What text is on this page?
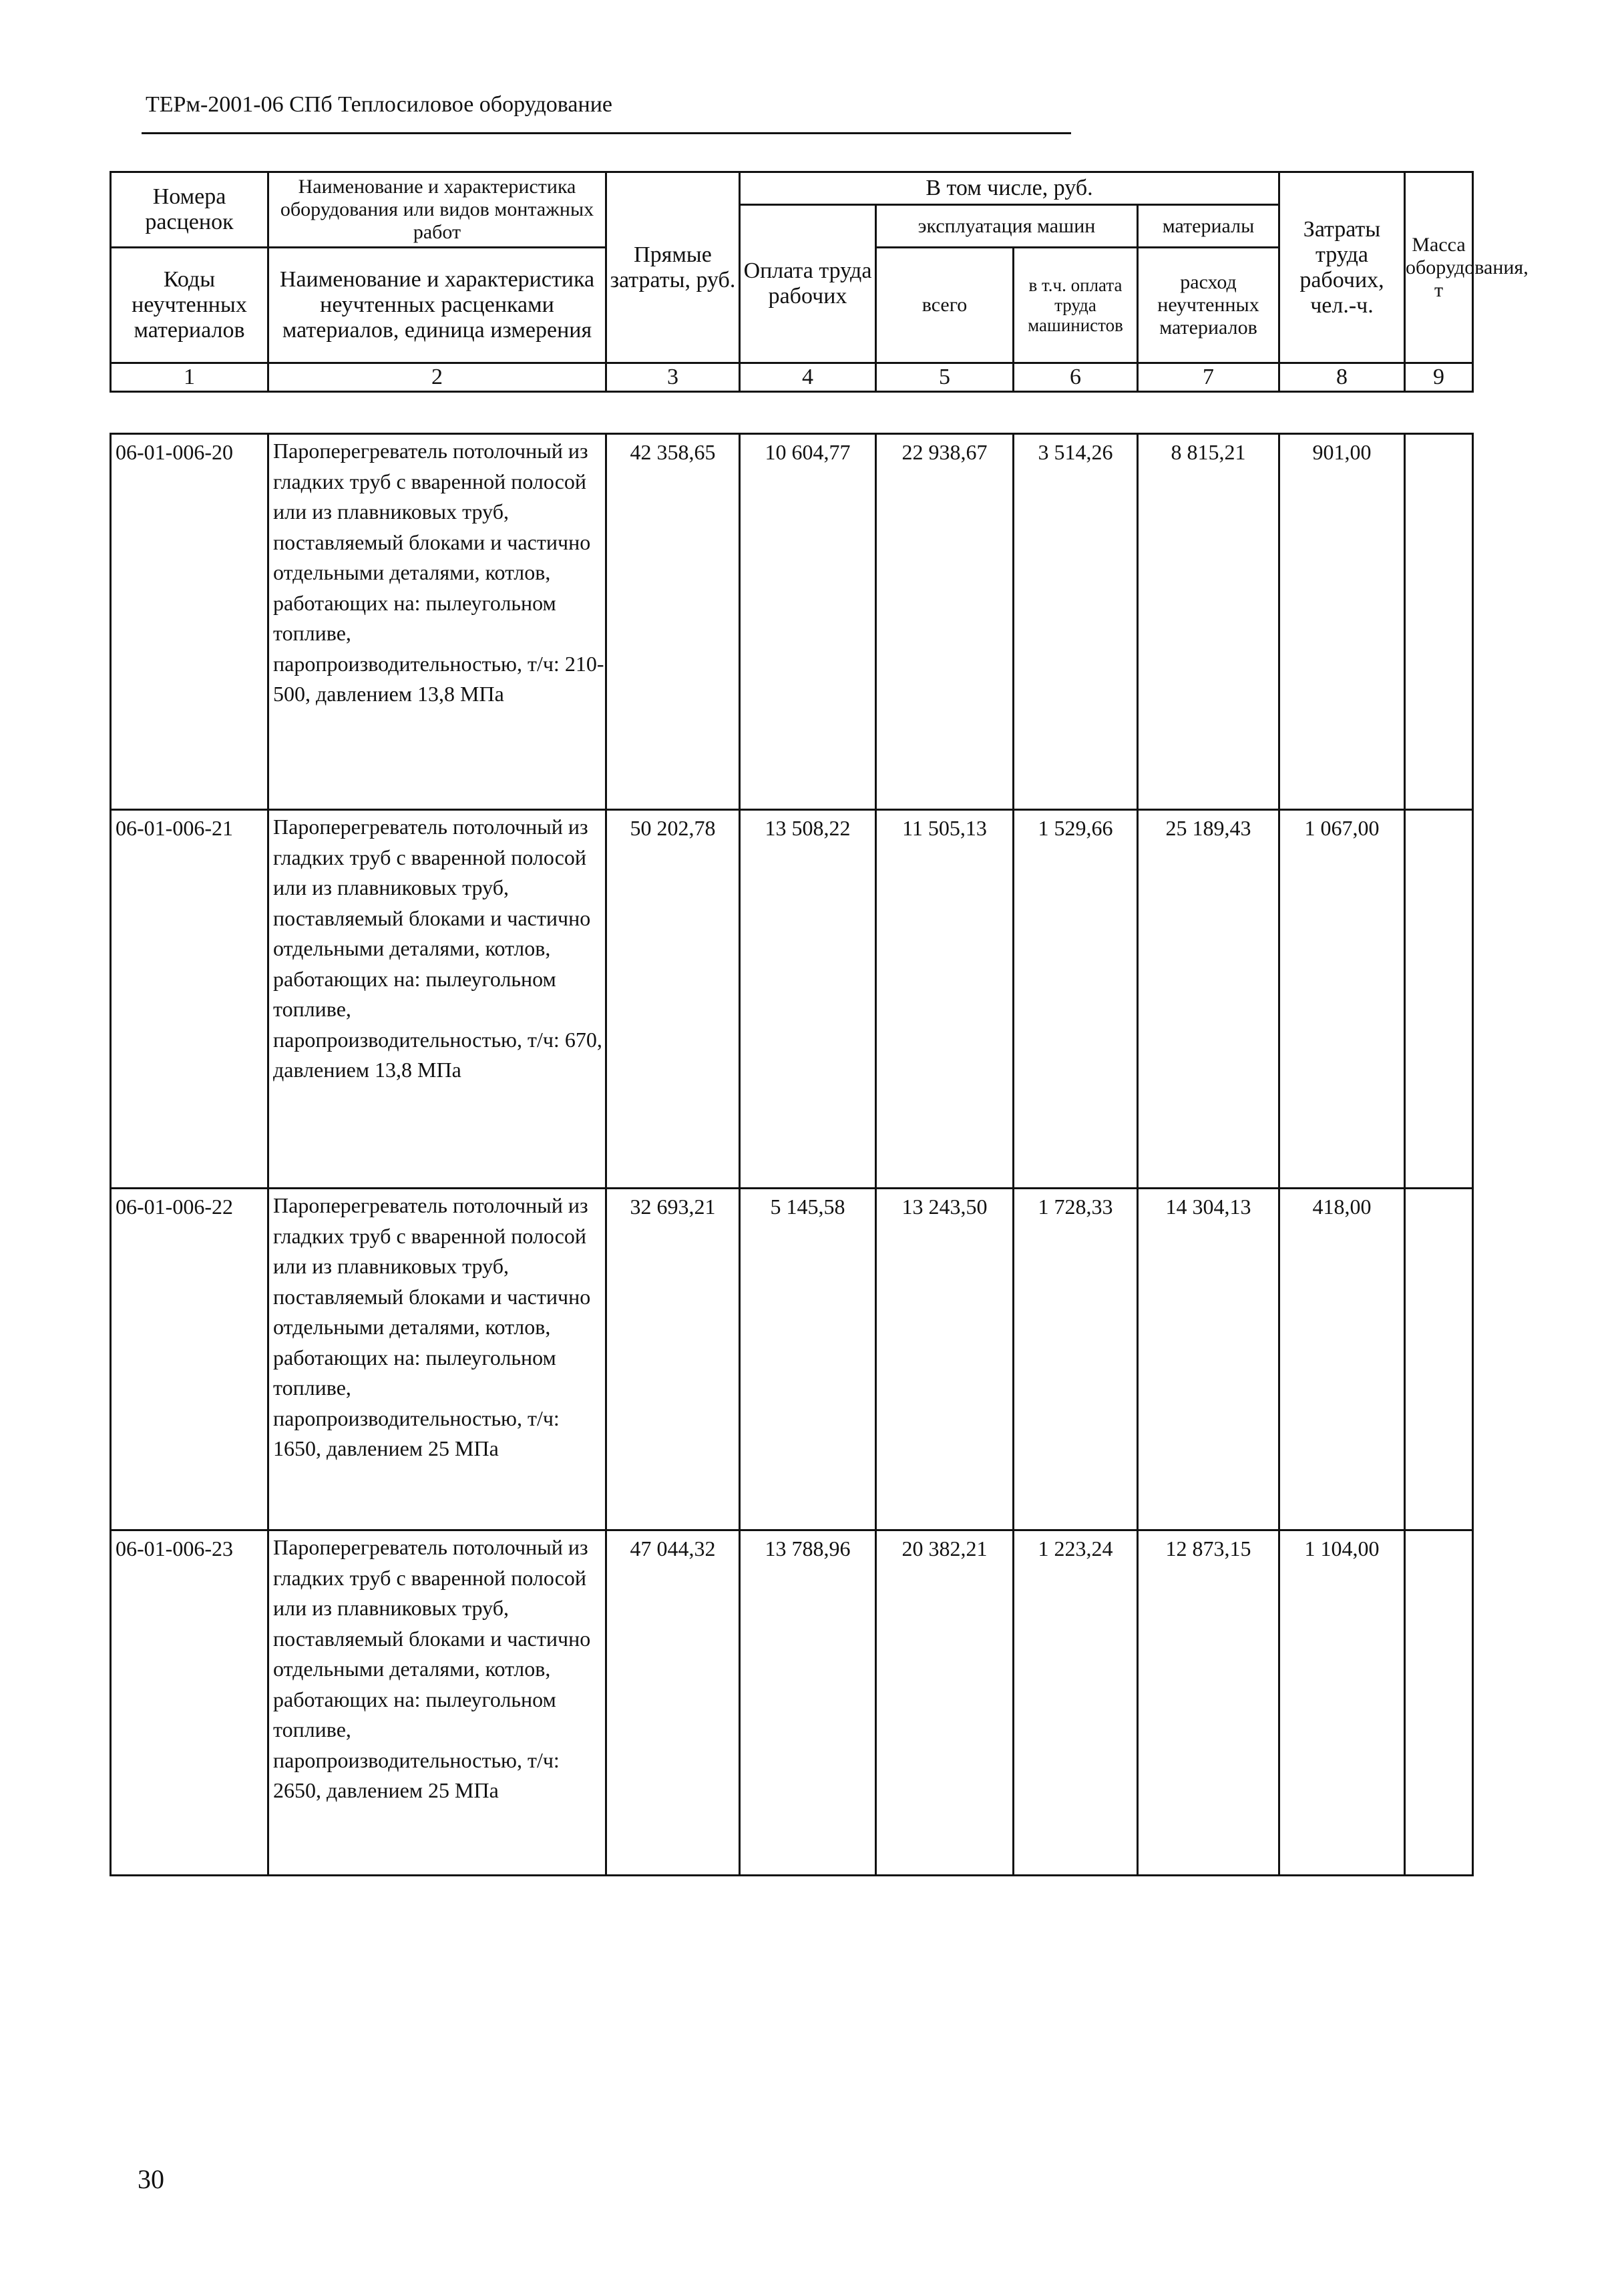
ТЕРм-2001-06 СПб Теплосиловое оборудование
Номера расценок	Наименование и характеристика оборудования или видов монтажных работ	Прямые затраты, руб.	В том числе, руб.				Затраты труда рабочих, чел.-ч.	Масса оборудования, т
			Оплата труда рабочих	эксплуатация машин		материалы		
Коды неучтенных материалов	Наименование и характеристика неучтенных расценками материалов, единица измерения			всего	в т.ч. оплата труда машинистов	расход неучтенных материалов		

1	2	3	4	5	6	7	8	9
06-01-006-20	Пароперегреватель потолочный из гладких труб с вваренной полосой или из плавниковых труб, поставляемый блоками и частично отдельными деталями, котлов, работающих на: пылеугольном топливе, паропроизводительностью, т/ч: 210-500, давлением 13,8 МПа	42 358,65	10 604,77	22 938,67	3 514,26	8 815,21	901,00	
06-01-006-21	Пароперегреватель потолочный из гладких труб с вваренной полосой или из плавниковых труб, поставляемый блоками и частично отдельными деталями, котлов, работающих на: пылеугольном топливе, паропроизводительностью, т/ч: 670, давлением 13,8 МПа	50 202,78	13 508,22	11 505,13	1 529,66	25 189,43	1 067,00	
06-01-006-22	Пароперегреватель потолочный из гладких труб с вваренной полосой или из плавниковых труб, поставляемый блоками и частично отдельными деталями, котлов, работающих на: пылеугольном топливе, паропроизводительностью, т/ч: 1650, давлением 25 МПа	32 693,21	5 145,58	13 243,50	1 728,33	14 304,13	418,00	
06-01-006-23	Пароперегреватель потолочный из гладких труб с вваренной полосой или из плавниковых труб, поставляемый блоками и частично отдельными деталями, котлов, работающих на: пылеугольном топливе, паропроизводительностью, т/ч: 2650, давлением 25 МПа	47 044,32	13 788,96	20 382,21	1 223,24	12 873,15	1 104,00	
30
